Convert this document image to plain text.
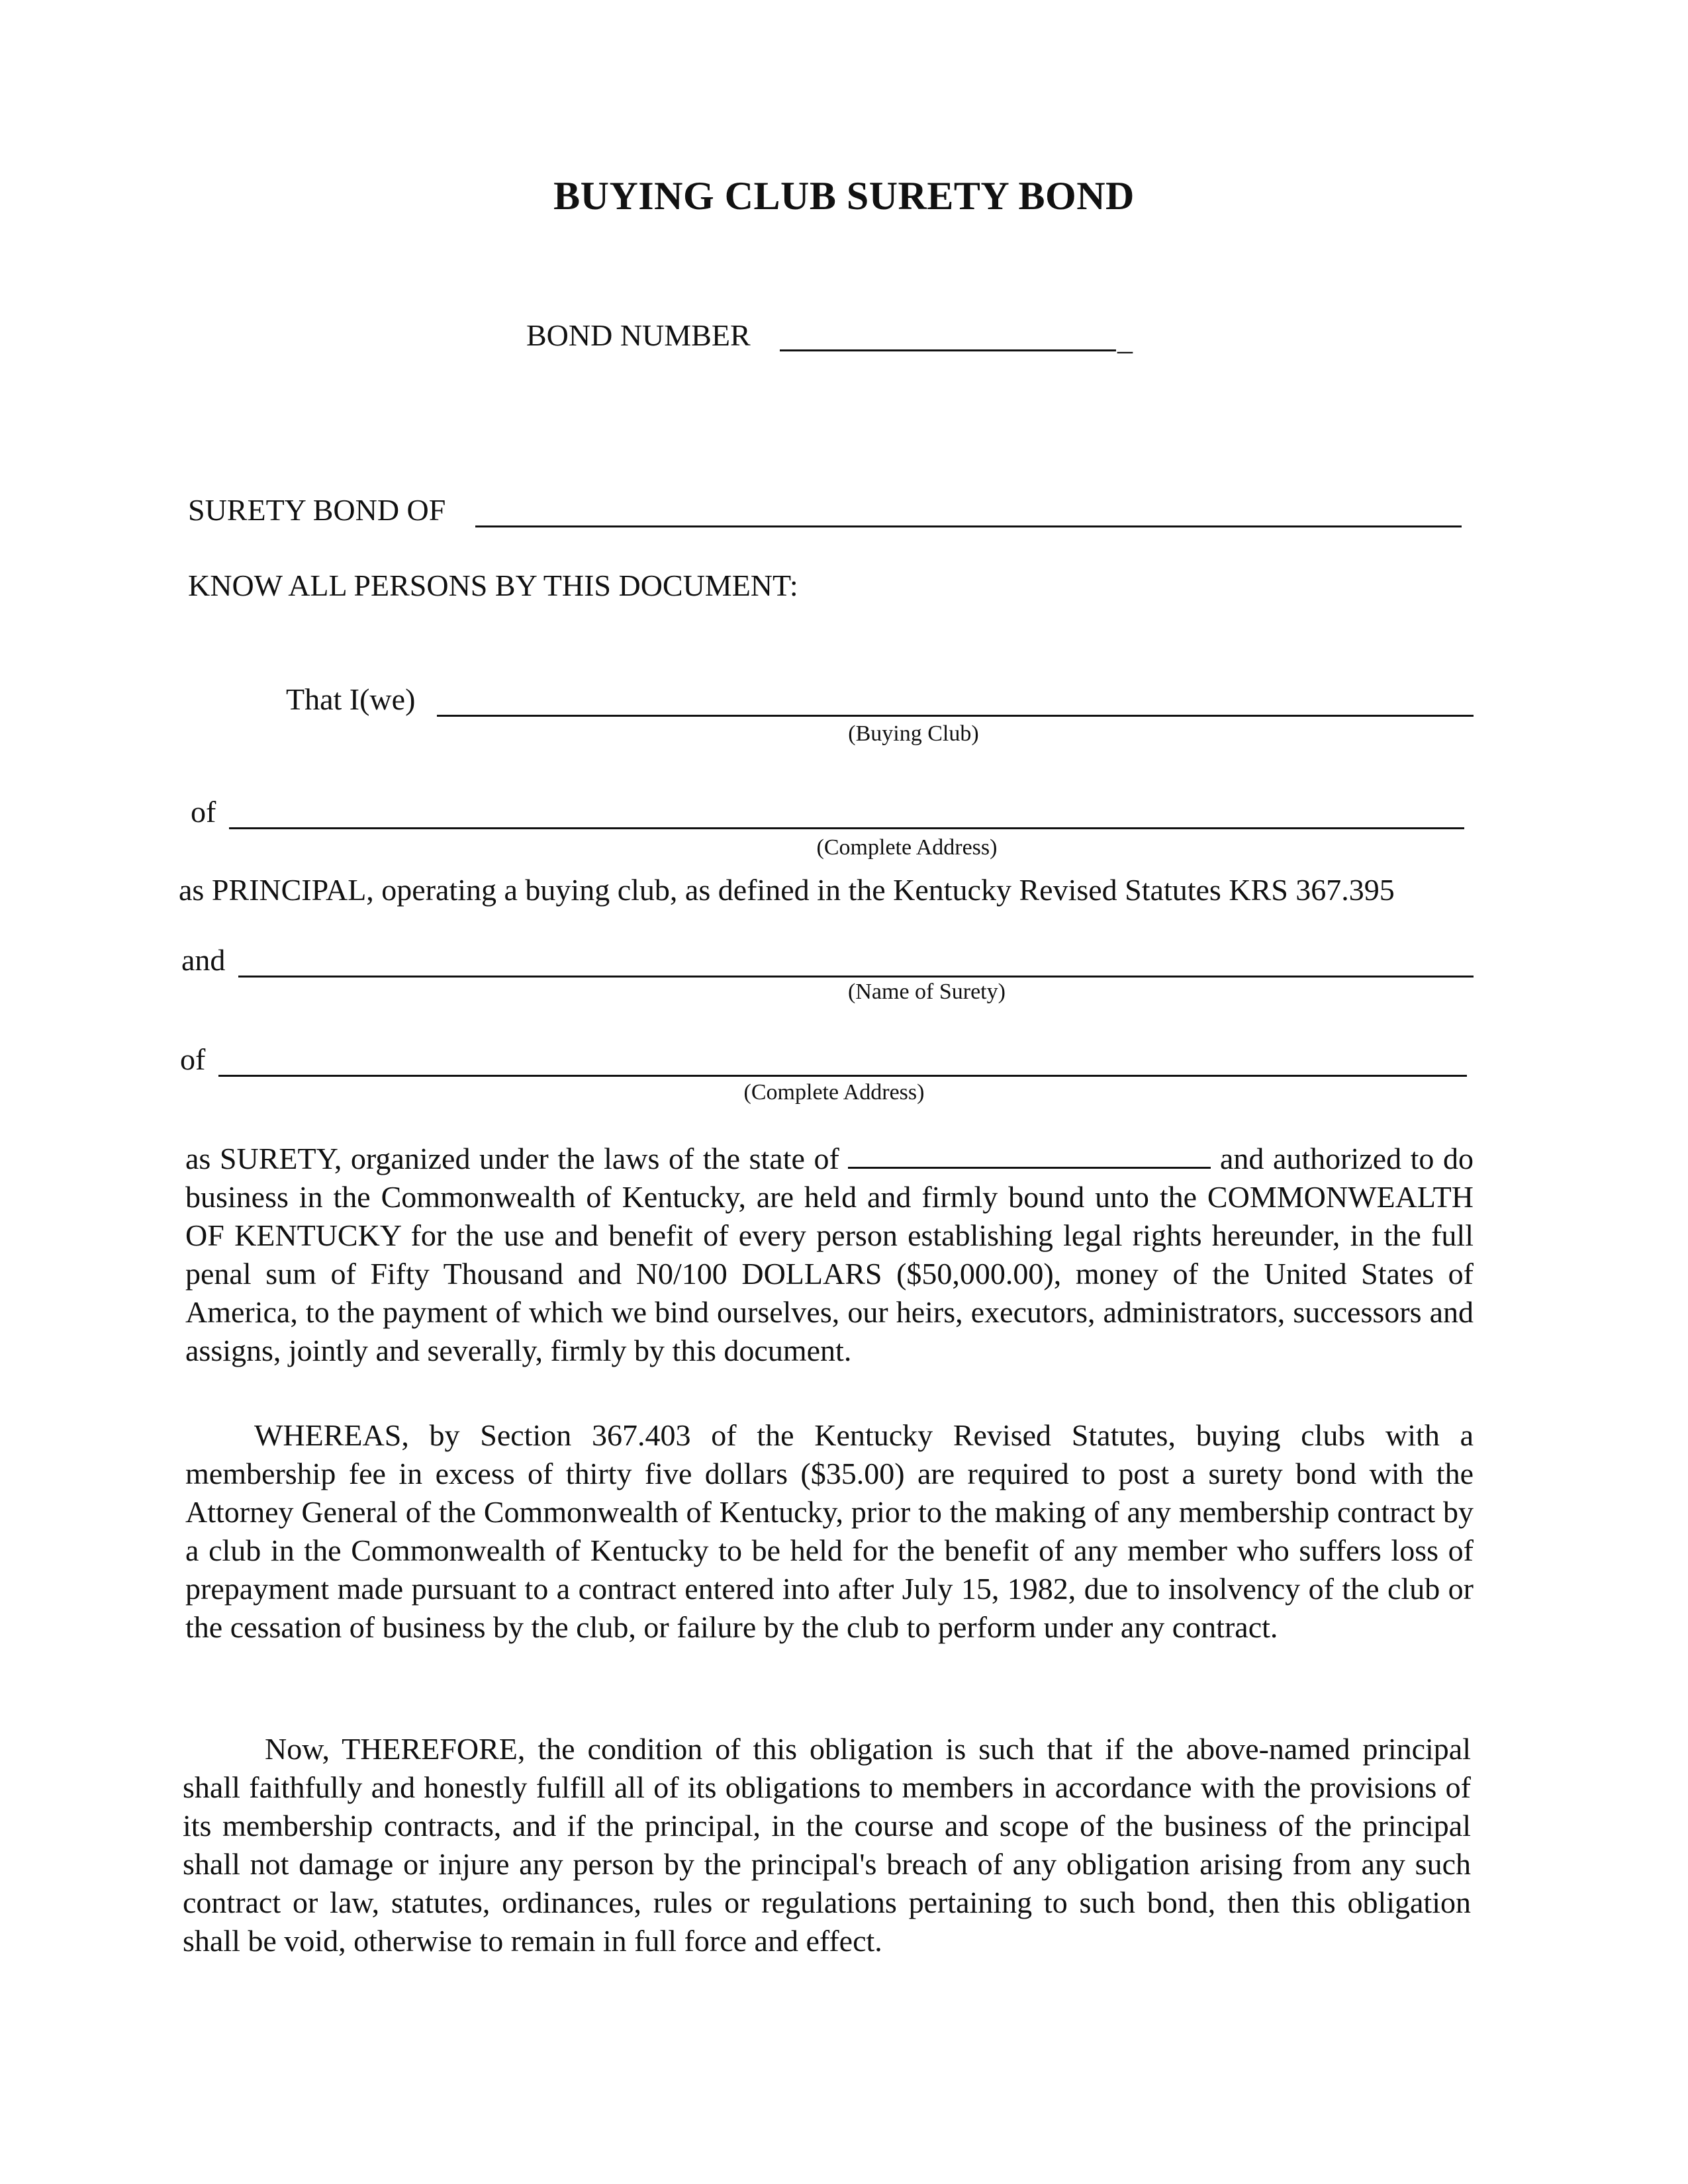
BUYING CLUB SURETY BOND
BOND NUMBER	_
SURETY BOND OF
KNOW ALL PERSONS BY THIS DOCUMENT:
That I(we)
(Buying Club)
of
(Complete Address)
as PRINCIPAL, operating a buying club, as defined in the Kentucky Revised Statutes KRS 367.395
and
(Name of Surety)
of
(Complete Address)
as SURETY, organized under the laws of the state of	and authorized to do business in the Commonwealth of Kentucky, are held and firmly bound unto the COMMONWEALTH OF KENTUCKY for the use and benefit of every person establishing legal rights hereunder, in the full penal sum of Fifty Thousand and N0/100 DOLLARS ($50,000.00), money of the United States of America, to the payment of which we bind ourselves, our heirs, executors, administrators, successors and assigns, jointly and severally, firmly by this document.
WHEREAS, by Section 367.403 of the Kentucky Revised Statutes, buying clubs with a membership fee in excess of thirty five dollars ($35.00) are required to post a surety bond with the Attorney General of the Commonwealth of Kentucky, prior to the making of any membership contract by a club in the Commonwealth of Kentucky to be held for the benefit of any member who suffers loss of prepayment made pursuant to a contract entered into after July 15, 1982, due to insolvency of the club or the cessation of business by the club, or failure by the club to perform under any contract.
Now, THEREFORE, the condition of this obligation is such that if the above-named principal shall faithfully and honestly fulfill all of its obligations to members in accordance with the provisions of its membership contracts, and if the principal, in the course and scope of the business of the principal shall not damage or injure any person by the principal's breach of any obligation arising from any such contract or law, statutes, ordinances, rules or regulations pertaining to such bond, then this obligation shall be void, otherwise to remain in full force and effect.
